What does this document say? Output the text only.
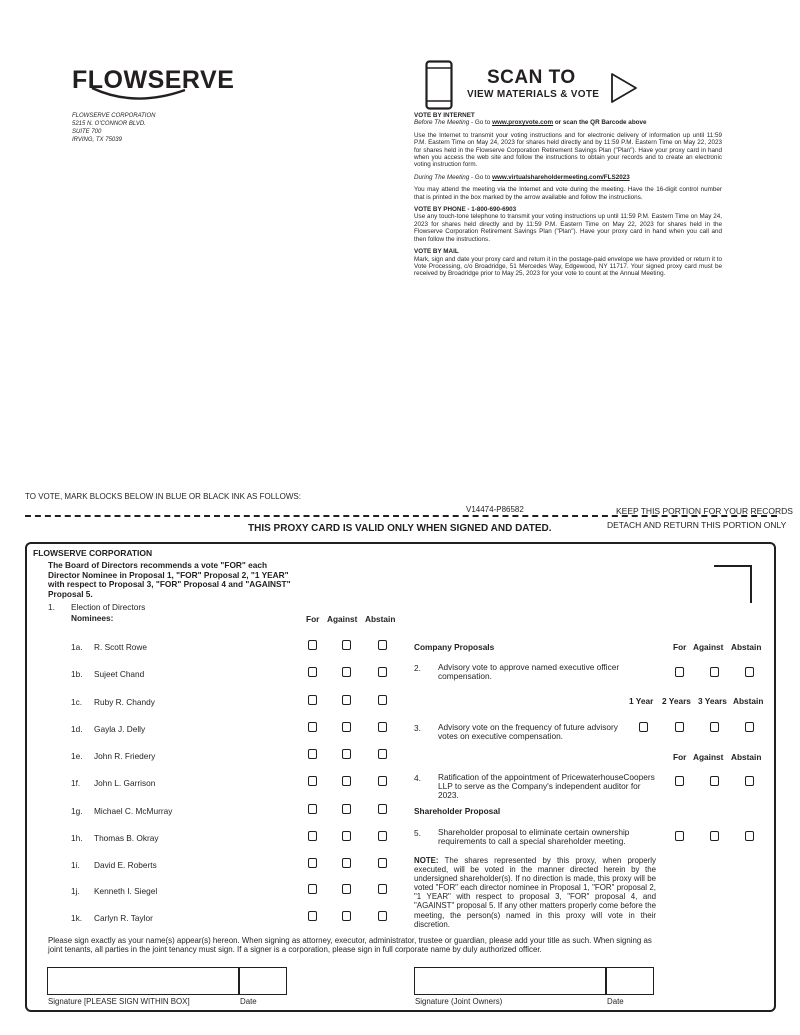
FLOWSERVE
FLOWSERVE CORPORATION
5215 N. O'CONNOR BLVD.
SUITE 700
IRVING, TX 75039
SCAN TO
VIEW MATERIALS & VOTE
VOTE BY INTERNET

Before The Meeting - Go to www.proxyvote.com or scan the QR Barcode above

Use the Internet to transmit your voting instructions and for electronic delivery of information up until 11:59 P.M. Eastern Time on May 24, 2023 for shares held directly and by 11:59 P.M. Eastern Time on May 22, 2023 for shares held in the Flowserve Corporation Retirement Savings Plan ("Plan"). Have your proxy card in hand when you access the web site and follow the instructions to obtain your records and to create an electronic voting instruction form.

During The Meeting - Go to www.virtualshareholdermeeting.com/FLS2023

You may attend the meeting via the Internet and vote during the meeting. Have the 16-digit control number that is printed in the box marked by the arrow available and follow the instructions.

VOTE BY PHONE - 1-800-690-6903

Use any touch-tone telephone to transmit your voting instructions up until 11:59 P.M. Eastern Time on May 24, 2023 for shares held directly and by 11:59 P.M. Eastern Time on May 22, 2023 for shares held in the Flowserve Corporation Retirement Savings Plan ("Plan"). Have your proxy card in hand when you call and then follow the instructions.

VOTE BY MAIL

Mark, sign and date your proxy card and return it in the postage-paid envelope we have provided or return it to Vote Processing, c/o Broadridge, 51 Mercedes Way, Edgewood, NY 11717. Your signed proxy card must be received by Broadridge prior to May 25, 2023 for your vote to count at the Annual Meeting.

TO VOTE, MARK BLOCKS BELOW IN BLUE OR BLACK INK AS FOLLOWS:
V14474-P86582	KEEP THIS PORTION FOR YOUR RECORDS
DETACH AND RETURN THIS PORTION ONLY
THIS PROXY CARD IS VALID ONLY WHEN SIGNED AND DATED.
FLOWSERVE CORPORATION
The Board of Directors recommends a vote "FOR" each Director Nominee in Proposal 1, "FOR" Proposal 2, "1 YEAR" with respect to Proposal 3, "FOR" Proposal 4 and "AGAINST" Proposal 5.
1. Election of Directors
Nominees:	For Against Abstain
1a. R. Scott Rowe
1b. Sujeet Chand
1c. Ruby R. Chandy
1d. Gayla J. Delly
1e. John R. Friedery
1f. John L. Garrison
1g. Michael C. McMurray
1h. Thomas B. Okray
1i. David E. Roberts
1j. Kenneth I. Siegel
1k. Carlyn R. Taylor
Company Proposals	For Against Abstain
2. Advisory vote to approve named executive officer compensation.
1 Year 2 Years 3 Years Abstain
3. Advisory vote on the frequency of future advisory votes on executive compensation.
For Against Abstain
4. Ratification of the appointment of PricewaterhouseCoopers LLP to serve as the Company's independent auditor for 2023.
Shareholder Proposal
5. Shareholder proposal to eliminate certain ownership requirements to call a special shareholder meeting.
NOTE: The shares represented by this proxy, when properly executed, will be voted in the manner directed herein by the undersigned shareholder(s). If no direction is made, this proxy will be voted "FOR" each director nominee in Proposal 1, "FOR" proposal 2, "1 YEAR" with respect to proposal 3, "FOR" proposal 4, and "AGAINST" proposal 5. If any other matters properly come before the meeting, the person(s) named in this proxy will vote in their discretion.
Please sign exactly as your name(s) appear(s) hereon. When signing as attorney, executor, administrator, trustee or guardian, please add your title as such. When signing as joint tenants, all parties in the joint tenancy must sign. If a signer is a corporation, please sign in full corporate name by duly authorized officer.
Signature [PLEASE SIGN WITHIN BOX]	Date	Signature (Joint Owners)	Date
